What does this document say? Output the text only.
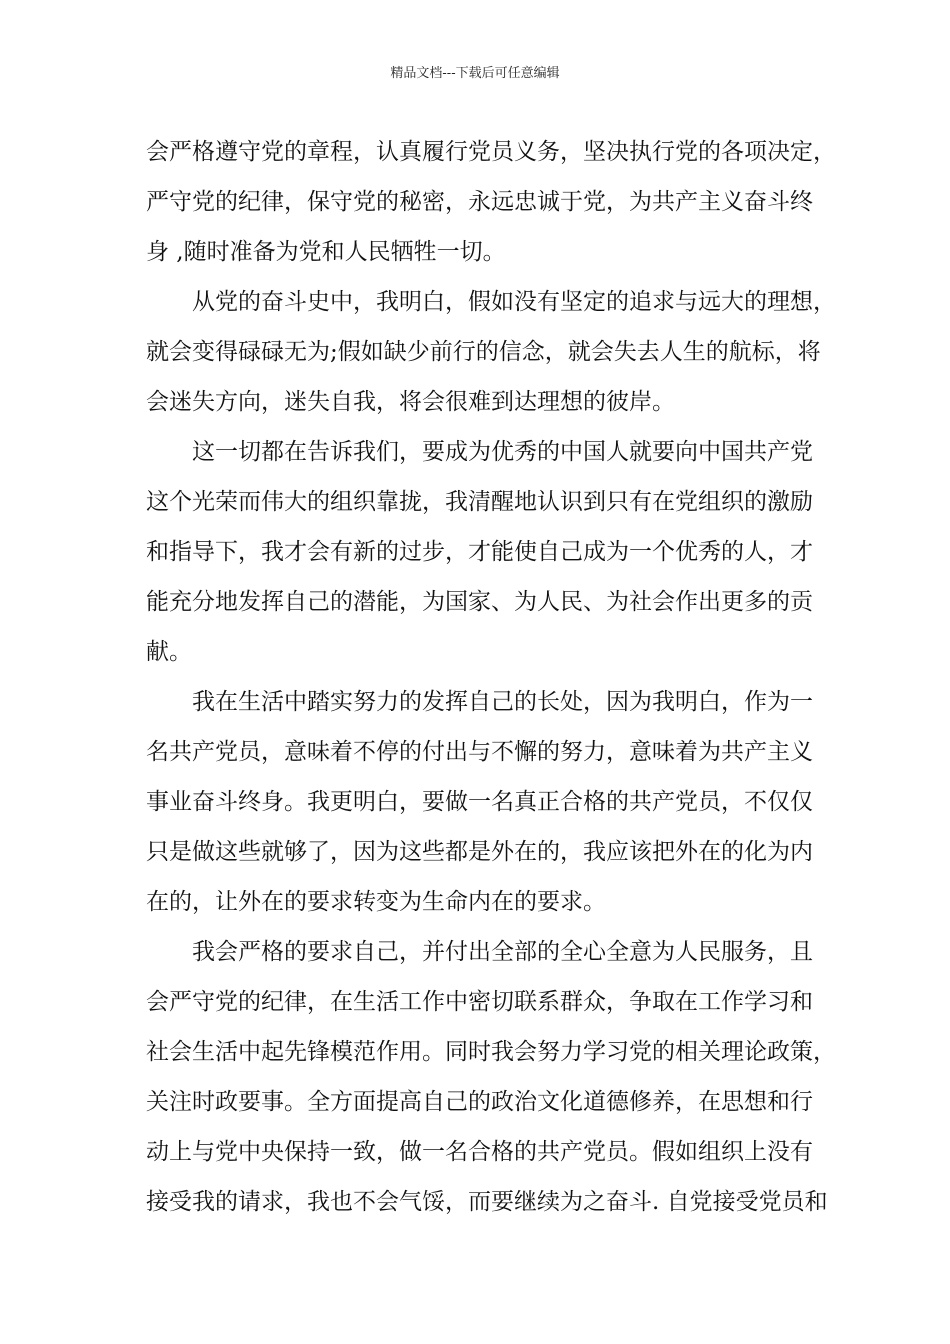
精品文档---下载后可任意编辑
会严格遵守党的章程，认真履行党员义务，坚决执行党的各项决定，
严守党的纪律，保守党的秘密，永远忠诚于党，为共产主义奋斗终
身 ,随时准备为党和人民牺牲一切。
从党的奋斗史中，我明白，假如没有坚定的追求与远大的理想，
就会变得碌碌无为;假如缺少前行的信念，就会失去人生的航标，将
会迷失方向，迷失自我，将会很难到达理想的彼岸。
这一切都在告诉我们，要成为优秀的中国人就要向中国共产党
这个光荣而伟大的组织靠拢，我清醒地认识到只有在党组织的激励
和指导下，我才会有新的过步，才能使自己成为一个优秀的人，才
能充分地发挥自己的潜能，为国家、为人民、为社会作出更多的贡
献。
我在生活中踏实努力的发挥自己的长处，因为我明白，作为一
名共产党员，意味着不停的付出与不懈的努力，意味着为共产主义
事业奋斗终身。我更明白，要做一名真正合格的共产党员，不仅仅
只是做这些就够了，因为这些都是外在的，我应该把外在的化为内
在的，让外在的要求转变为生命内在的要求。
我会严格的要求自己，并付出全部的全心全意为人民服务，且
会严守党的纪律，在生活工作中密切联系群众，争取在工作学习和
社会生活中起先锋模范作用。同时我会努力学习党的相关理论政策，
关注时政要事。全方面提高自己的政治文化道德修养，在思想和行
动上与党中央保持一致，做一名合格的共产党员。假如组织上没有
接受我的请求，我也不会气馁，而要继续为之奋斗. 自党接受党员和
